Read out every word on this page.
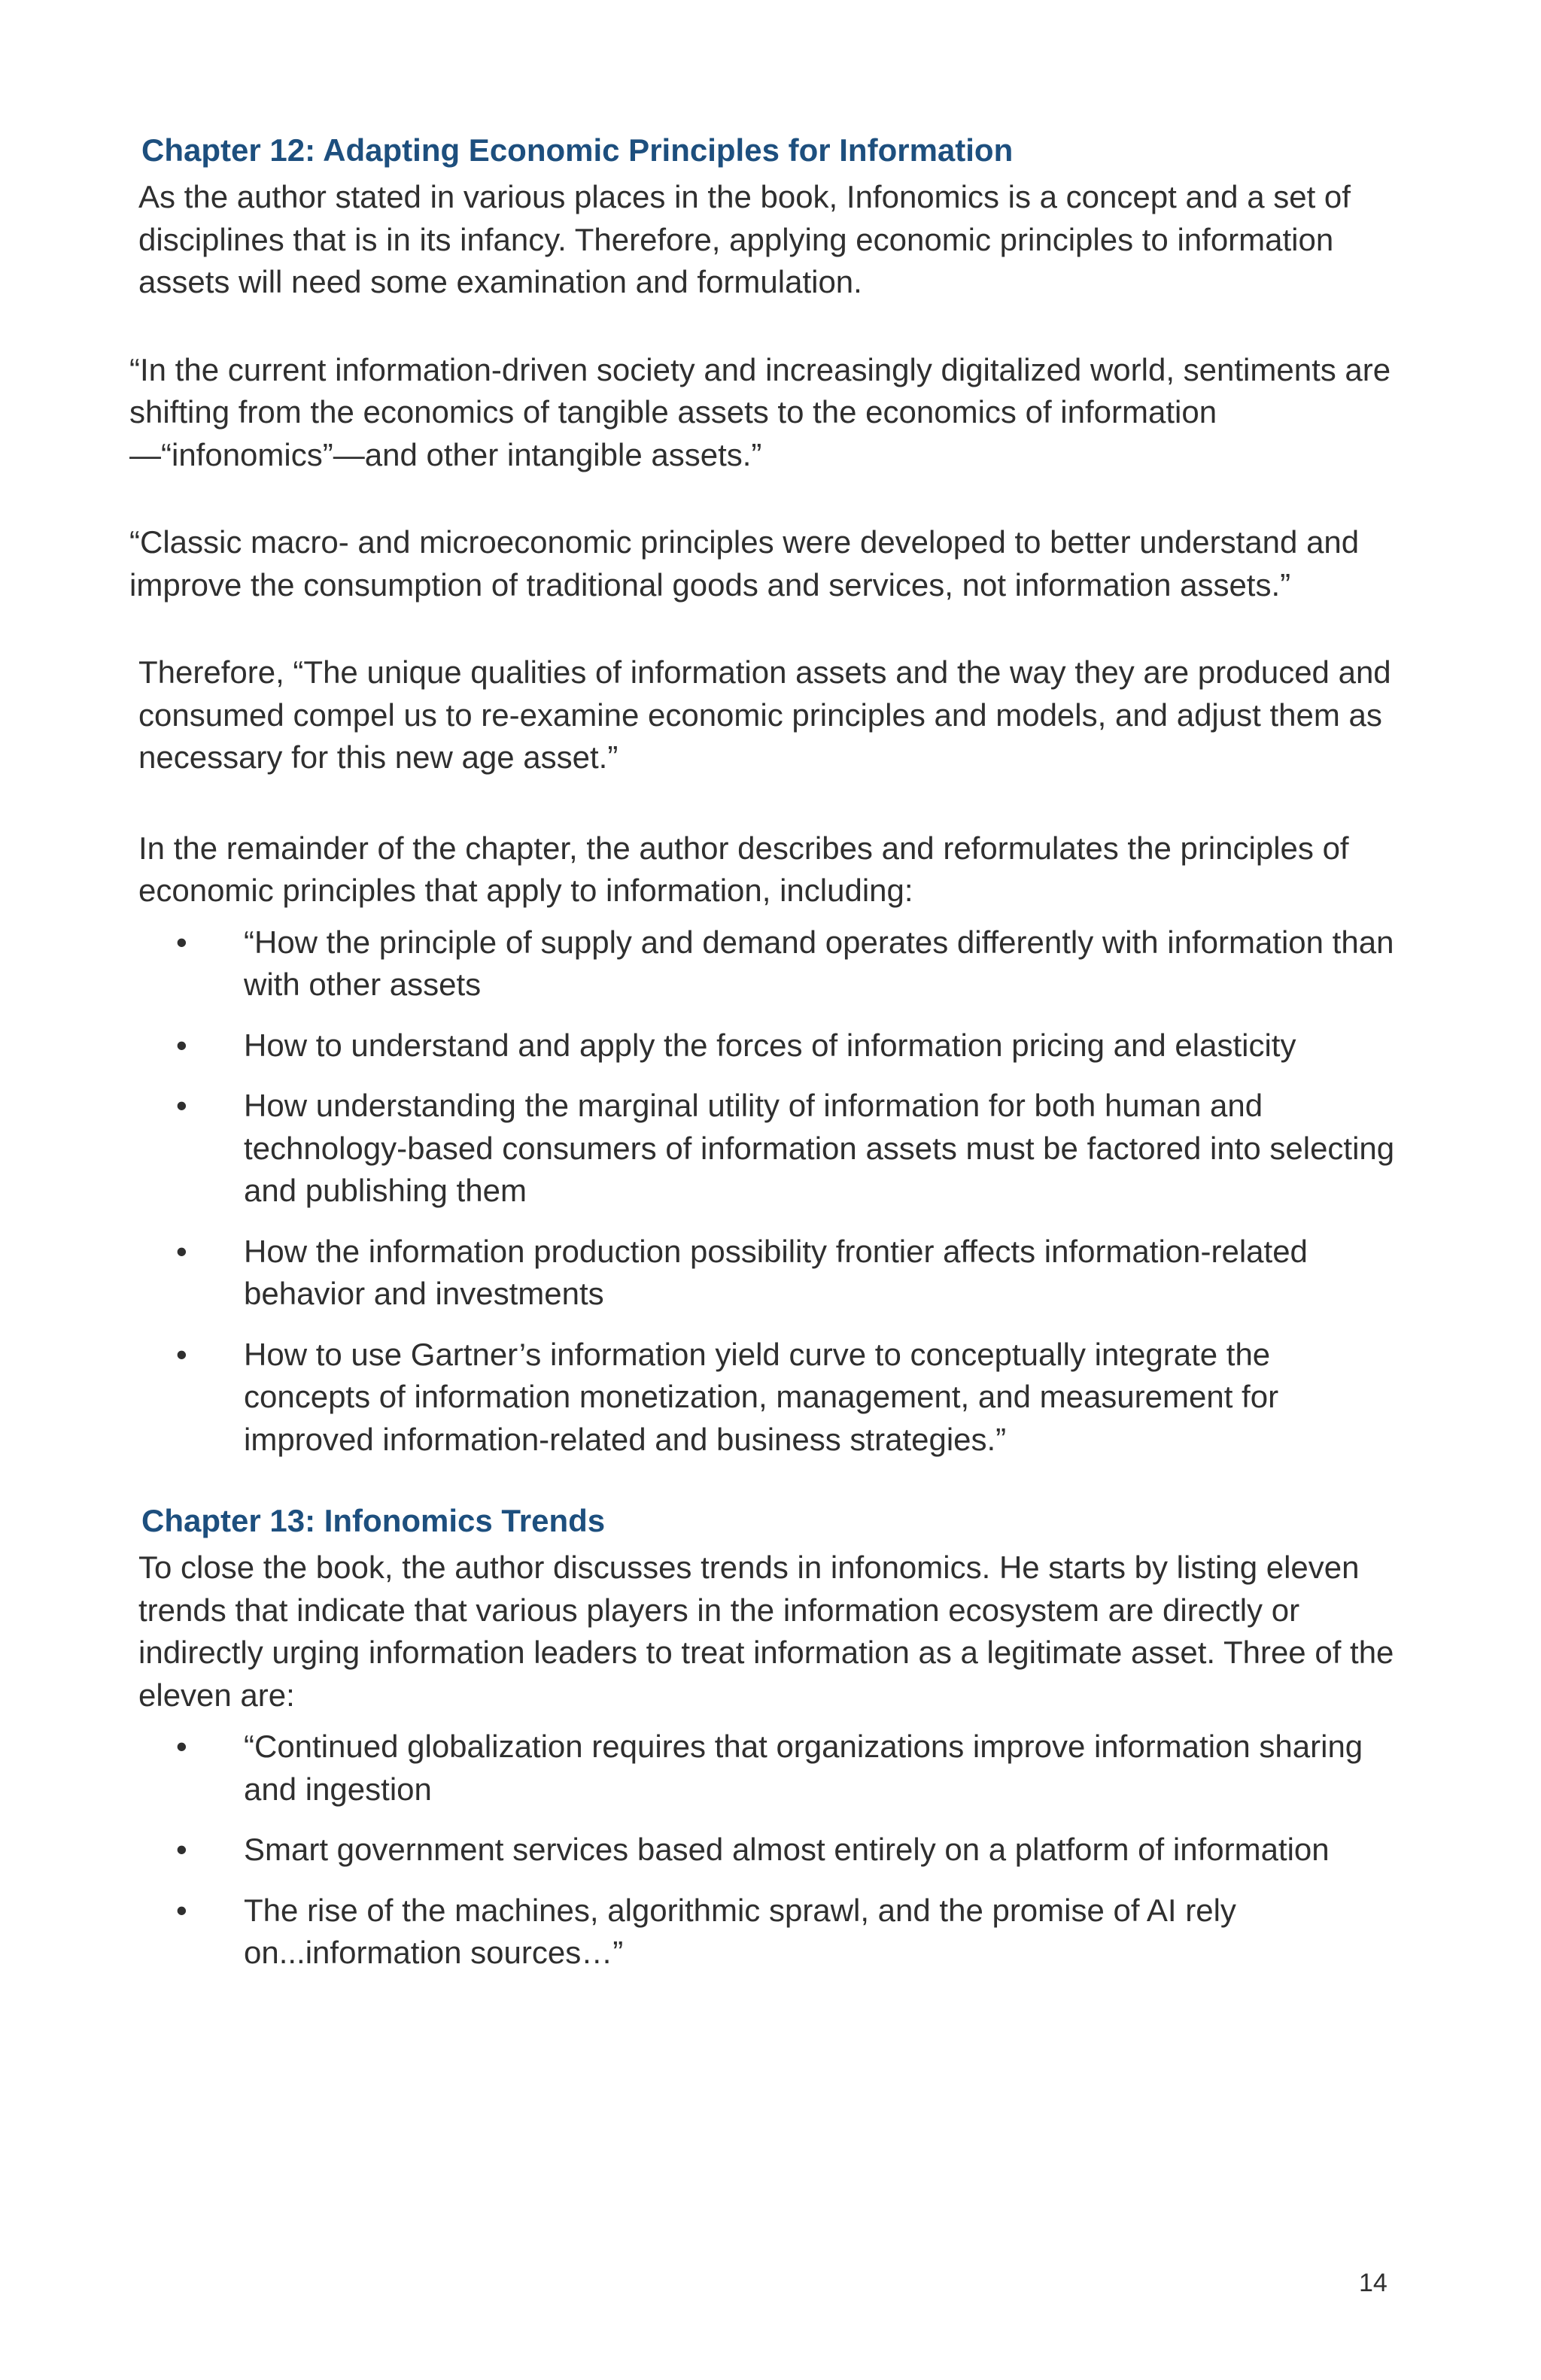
Chapter 12: Adapting Economic Principles for Information

As the author stated in various places in the book, Infonomics is a concept and a set of disciplines that is in its infancy. Therefore, applying economic principles to information assets will need some examination and formulation.

“In the current information-driven society and increasingly digitalized world, sentiments are shifting from the economics of tangible assets to the economics of information—“infonomics”—and other intangible assets.”

“Classic macro- and microeconomic principles were developed to better understand and improve the consumption of traditional goods and services, not information assets.”

Therefore, “The unique qualities of information assets and the way they are produced and consumed compel us to re-examine economic principles and models, and adjust them as necessary for this new age asset.”

In the remainder of the chapter, the author describes and reformulates the principles of economic principles that apply to information, including:

• “How the principle of supply and demand operates differently with information than with other assets
• How to understand and apply the forces of information pricing and elasticity
• How understanding the marginal utility of information for both human and technology-based consumers of information assets must be factored into selecting and publishing them
• How the information production possibility frontier affects information-related behavior and investments
• How to use Gartner’s information yield curve to conceptually integrate the concepts of information monetization, management, and measurement for improved information-related and business strategies.”
Chapter 13: Infonomics Trends

To close the book, the author discusses trends in infonomics. He starts by listing eleven trends that indicate that various players in the information ecosystem are directly or indirectly urging information leaders to treat information as a legitimate asset. Three of the eleven are:

• “Continued globalization requires that organizations improve information sharing and ingestion
• Smart government services based almost entirely on a platform of information
• The rise of the machines, algorithmic sprawl, and the promise of AI rely on...information sources…”
14
